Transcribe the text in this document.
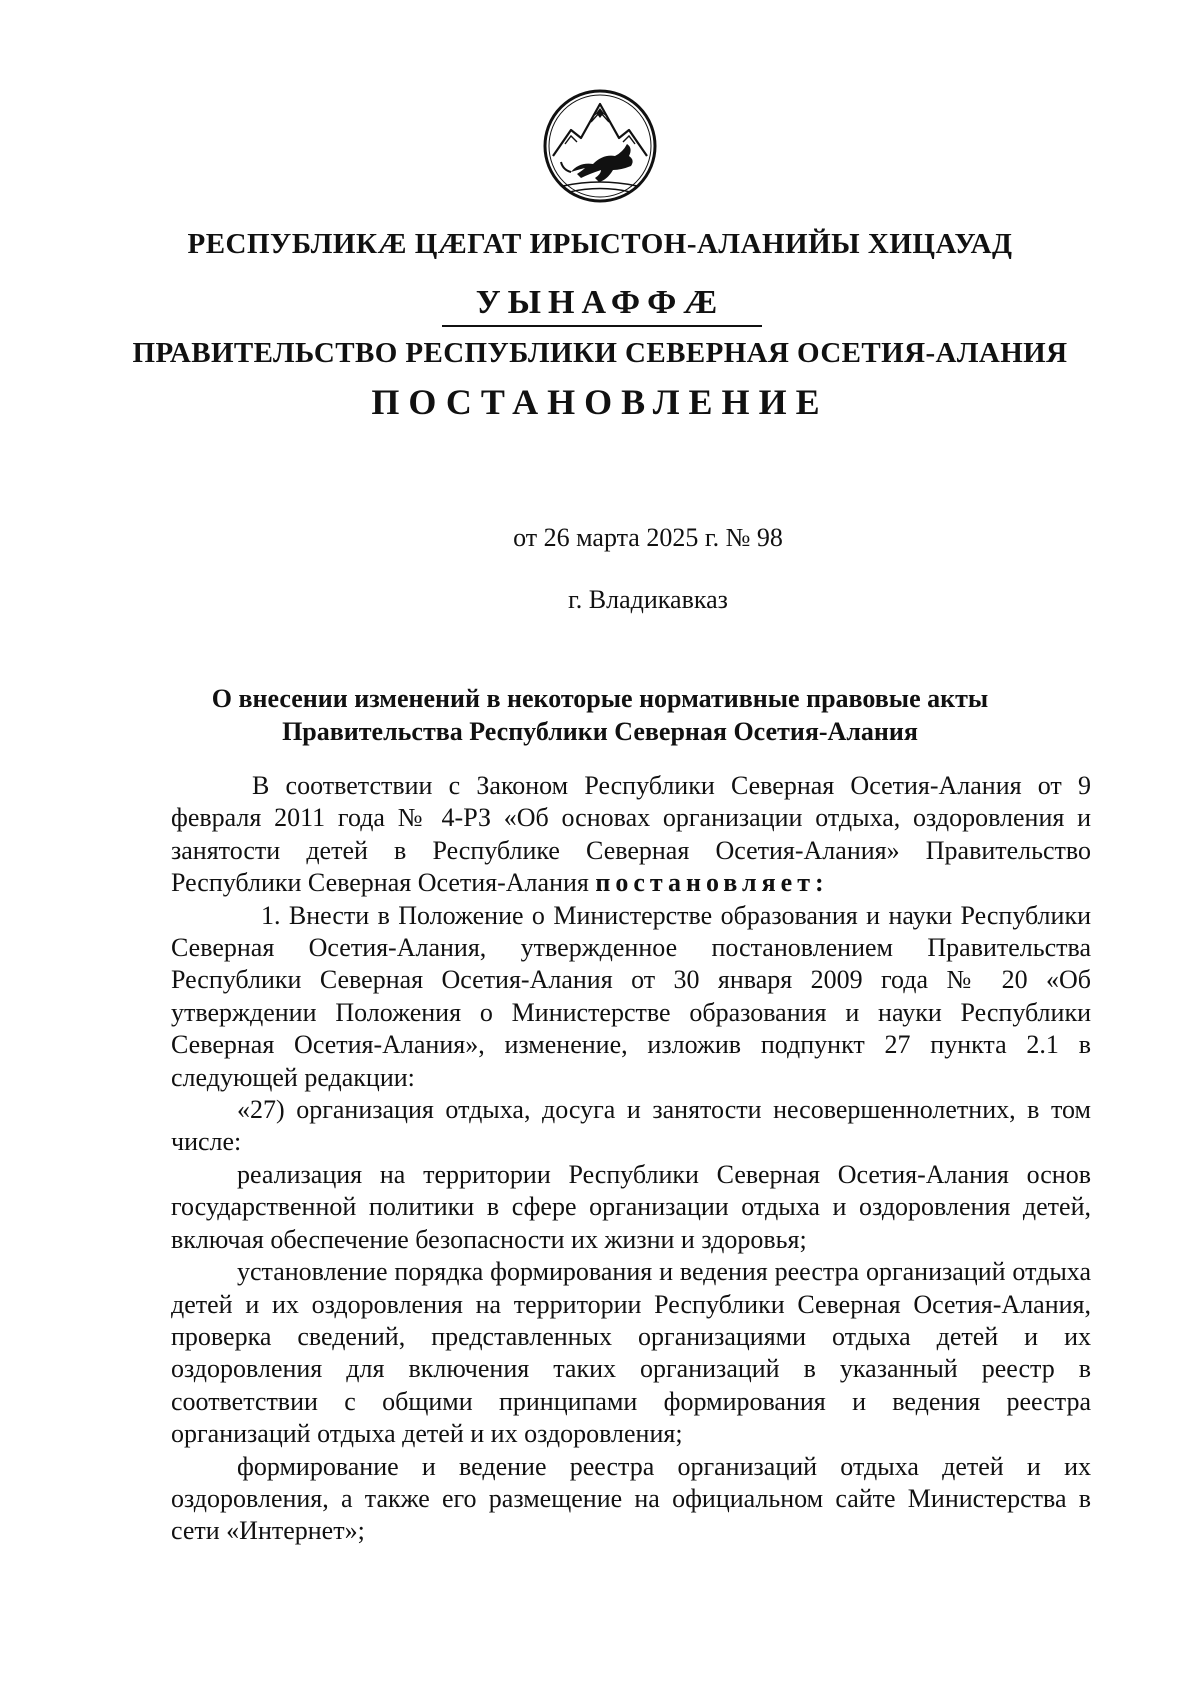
РЕСПУБЛИКÆ ЦÆГАТ ИРЫСТОН-АЛАНИЙЫ ХИЦАУАД
УЫНАФФÆ
ПРАВИТЕЛЬСТВО РЕСПУБЛИКИ СЕВЕРНАЯ ОСЕТИЯ-АЛАНИЯ
ПОСТАНОВЛЕНИЕ
от 26 марта 2025 г. № 98
г. Владикавказ
О внесении изменений в некоторые нормативные правовые акты
Правительства Республики Северная Осетия-Алания

В соответствии с Законом Республики Северная Осетия-Алания от 9 февраля 2011 года № 4-РЗ «Об основах организации отдыха, оздоровления и занятости детей в Республике Северная Осетия-Алания» Правительство Республики Северная Осетия-Алания постановляет:

1. Внести в Положение о Министерстве образования и науки Республики Северная Осетия-Алания, утвержденное постановлением Правительства Республики Северная Осетия-Алания от 30 января 2009 года № 20 «Об утверждении Положения о Министерстве образования и науки Республики Северная Осетия-Алания», изменение, изложив подпункт 27 пункта 2.1 в следующей редакции:

«27) организация отдыха, досуга и занятости несовершеннолетних, в том числе:

реализация на территории Республики Северная Осетия-Алания основ государственной политики в сфере организации отдыха и оздоровления детей, включая обеспечение безопасности их жизни и здоровья;

установление порядка формирования и ведения реестра организаций отдыха детей и их оздоровления на территории Республики Северная Осетия-Алания, проверка сведений, представленных организациями отдыха детей и их оздоровления для включения таких организаций в указанный реестр в соответствии с общими принципами формирования и ведения реестра организаций отдыха детей и их оздоровления;

формирование и ведение реестра организаций отдыха детей и их оздоровления, а также его размещение на официальном сайте Министерства в сети «Интернет»;
